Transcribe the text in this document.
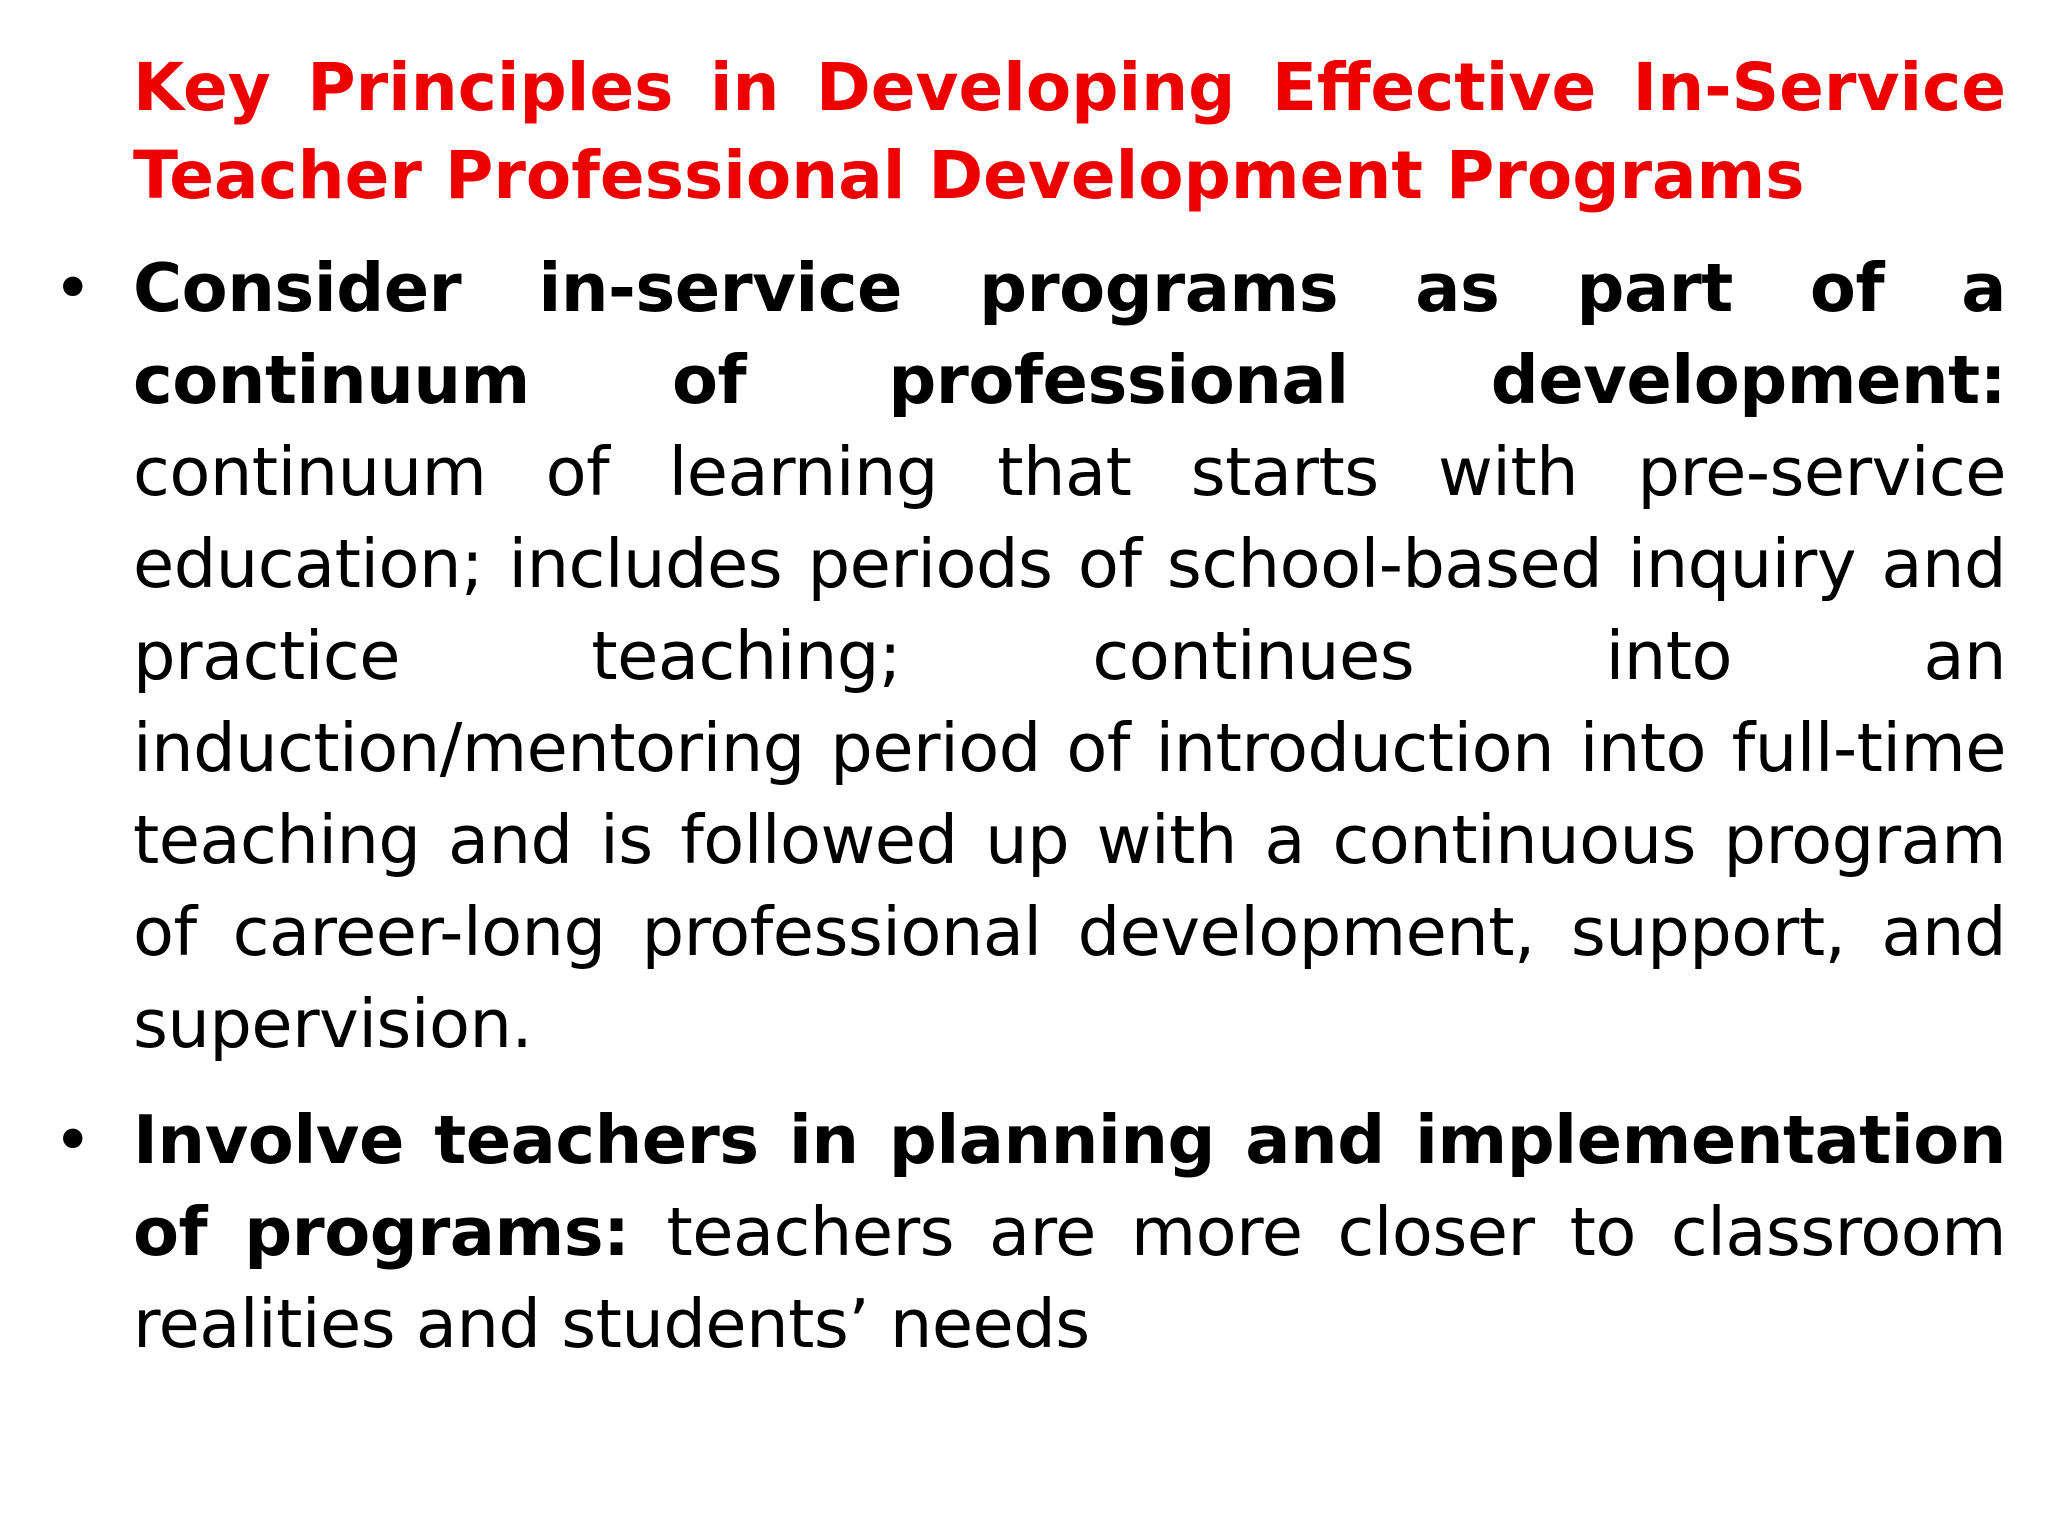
Key Principles in Developing Effective In-Service Teacher Professional Development Programs
• Consider in-service programs as part of a continuum of professional development: continuum of learning that starts with pre-service education; includes periods of school-based inquiry and practice teaching; continues into an induction/mentoring period of introduction into full-time teaching and is followed up with a continuous program of career-long professional development, support, and supervision.
• Involve teachers in planning and implementation of programs: teachers are more closer to classroom realities and students’ needs
